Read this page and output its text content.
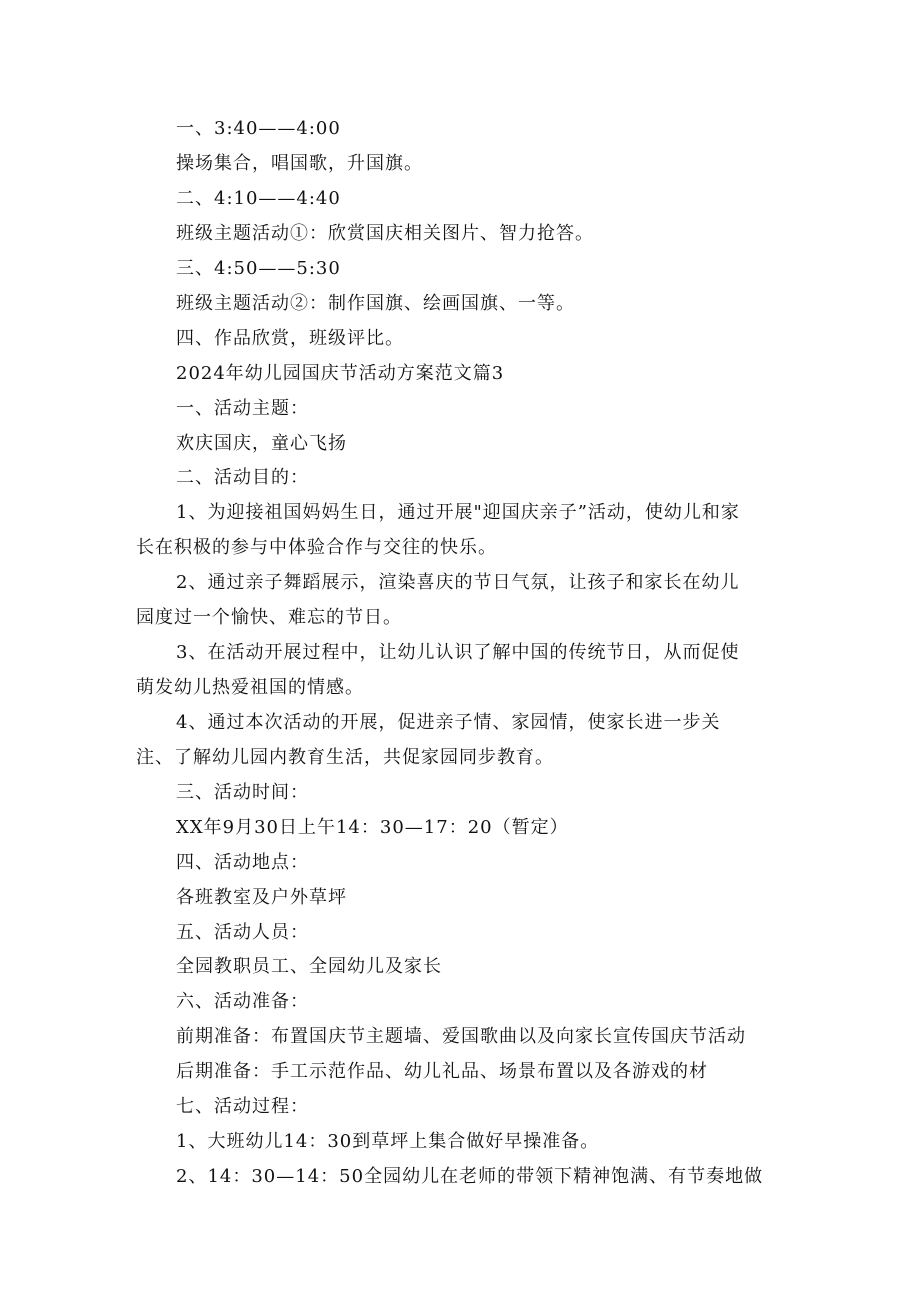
一、3:40——4:00
操场集合，唱国歌，升国旗。
二、4:10——4:40
班级主题活动①：欣赏国庆相关图片、智力抢答。
三、4:50——5:30
班级主题活动②：制作国旗、绘画国旗、一等。
四、作品欣赏，班级评比。
2024年幼儿园国庆节活动方案范文篇3
一、活动主题：
欢庆国庆，童心飞扬
二、活动目的：
1、为迎接祖国妈妈生日，通过开展"迎国庆亲子”活动，使幼儿和家
长在积极的参与中体验合作与交往的快乐。
2、通过亲子舞蹈展示，渲染喜庆的节日气氛，让孩子和家长在幼儿
园度过一个愉快、难忘的节日。
3、在活动开展过程中，让幼儿认识了解中国的传统节日，从而促使
萌发幼儿热爱祖国的情感。
4、通过本次活动的开展，促进亲子情、家园情，使家长进一步关
注、了解幼儿园内教育生活，共促家园同步教育。
三、活动时间：
XX年9月30日上午14：30—17：20（暂定）
四、活动地点：
各班教室及户外草坪
五、活动人员：
全园教职员工、全园幼儿及家长
六、活动准备：
前期准备：布置国庆节主题墙、爱国歌曲以及向家长宣传国庆节活动
后期准备：手工示范作品、幼儿礼品、场景布置以及各游戏的材
七、活动过程：
1、大班幼儿14：30到草坪上集合做好早操准备。
2、14：30—14：50全园幼儿在老师的带领下精神饱满、有节奏地做
